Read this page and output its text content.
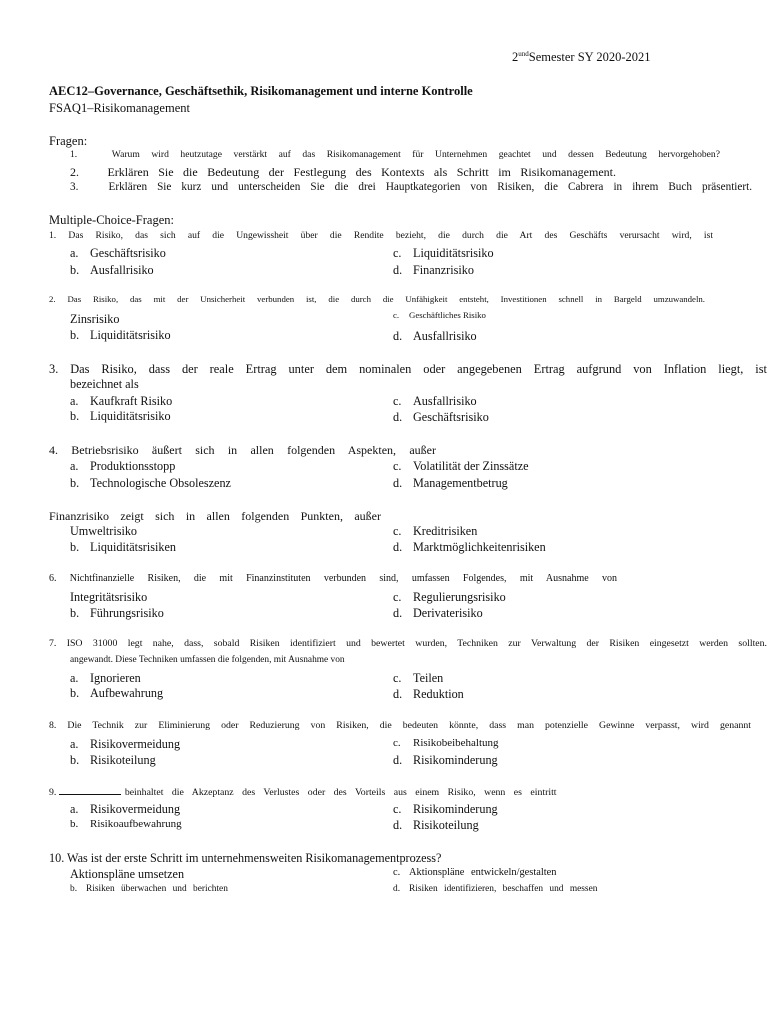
$2^{und}Semester$ SY 2020-2021
AEC12–Governance, Geschäftsethik, Risikomanagement und interne Kontrolle
FSAQ1–Risikomanagement
Fragen:
1.	Warum wird heutzutage verstärkt auf das Risikomanagement für Unternehmen geachtet und dessen Bedeutung hervorgehoben?
2. Erklären Sie die Bedeutung der Festlegung des Kontexts als Schritt im Risikomanagement.
3.	Erklären Sie kurz und unterscheiden Sie die drei Hauptkategorien von Risiken, die Cabrera in ihrem Buch präsentiert.
Multiple-Choice-Fragen:
1. Das Risiko, das sich auf die Ungewissheit über die Rendite bezieht, die durch die Art des Geschäfts verursacht wird, ist
a. Geschäftsrisiko
b. Ausfallrisiko
c. Liquiditätsrisiko
d. Finanzrisiko
2. Das Risiko, das mit der Unsicherheit verbunden ist, die durch die Unfähigkeit entsteht, Investitionen schnell in Bargeld umzuwandeln.
Zinsrisiko
b. Liquiditätsrisiko
c. Geschäftliches Risiko
d. Ausfallrisiko
3. Das Risiko, dass der reale Ertrag unter dem nominalen oder angegebenen Ertrag aufgrund von Inflation liegt, ist
bezeichnet als
a. Kaufkraft Risiko
b. Liquiditätsrisiko
c. Ausfallrisiko
d. Geschäftsrisiko
4. Betriebsrisiko äußert sich in allen folgenden Aspekten, außer
a. Produktionsstopp
b. Technologische Obsoleszenz
c. Volatilität der Zinssätze
d. Managementbetrug
Finanzrisiko zeigt sich in allen folgenden Punkten, außer
Umweltrisiko
b. Liquiditätsrisiken
c. Kreditrisiken
d. Marktmöglichkeitenrisiken
6. Nichtfinanzielle Risiken, die mit Finanzinstituten verbunden sind, umfassen Folgendes, mit Ausnahme von
Integritätsrisiko
b. Führungsrisiko
c. Regulierungsrisiko
d. Derivaterisiko
7. ISO 31000 legt nahe, dass, sobald Risiken identifiziert und bewertet wurden, Techniken zur Verwaltung der Risiken eingesetzt werden sollten.
angewandt. Diese Techniken umfassen die folgenden, mit Ausnahme von
a. Ignorieren
b. Aufbewahrung
c. Teilen
d. Reduktion
8. Die Technik zur Eliminierung oder Reduzierung von Risiken, die bedeuten könnte, dass man potenzielle Gewinne verpasst, wird genannt
a. Risikovermeidung
b. Risikoteilung
c. Risikobeibehaltung
d. Risikominderung
9.	beinhaltet die Akzeptanz des Verlustes oder des Vorteils aus einem Risiko, wenn es eintritt
a. Risikovermeidung
b. Risikoaufbewahrung
c. Risikominderung
d. Risikoteilung
10. Was ist der erste Schritt im unternehmensweiten Risikomanagementprozess?
Aktionspläne umsetzen
b. Risiken überwachen und berichten
c. Aktionspläne entwickeln/gestalten
d. Risiken identifizieren, beschaffen und messen
